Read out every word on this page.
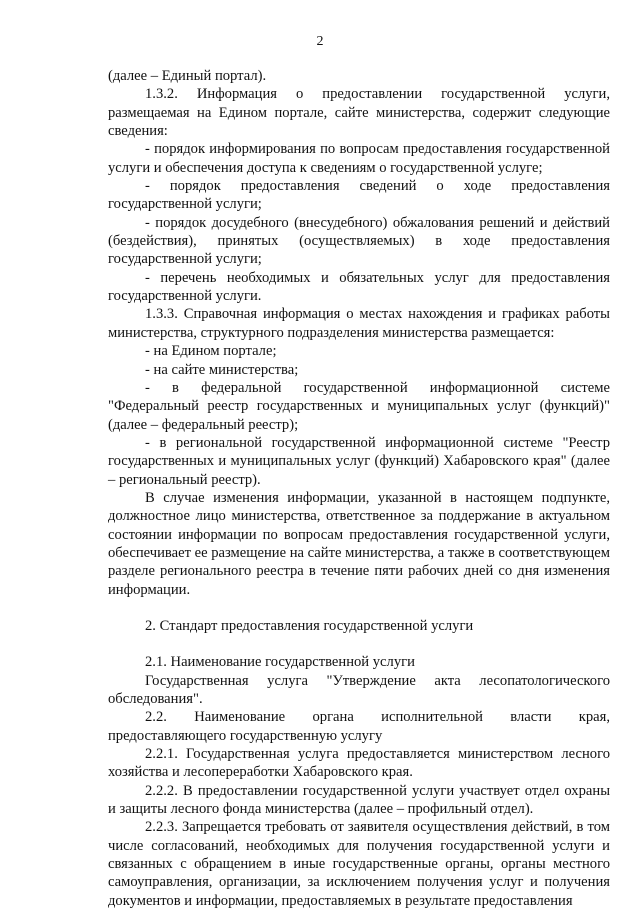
2

(далее – Единый портал).

1.3.2. Информация о предоставлении государственной услуги, размещаемая на Едином портале, сайте министерства, содержит следующие сведения:

- порядок информирования по вопросам предоставления государственной услуги и обеспечения доступа к сведениям о государственной услуге;

- порядок предоставления сведений о ходе предоставления государственной услуги;

- порядок досудебного (внесудебного) обжалования решений и действий (бездействия), принятых (осуществляемых) в ходе предоставления государственной услуги;

- перечень необходимых и обязательных услуг для предоставления государственной услуги.

1.3.3. Справочная информация о местах нахождения и графиках работы министерства, структурного подразделения министерства размещается:

- на Едином портале;

- на сайте министерства;

- в федеральной государственной информационной системе "Федеральный реестр государственных и муниципальных услуг (функций)" (далее – федеральный реестр);

- в региональной государственной информационной системе "Реестр государственных и муниципальных услуг (функций) Хабаровского края" (далее – региональный реестр).

В случае изменения информации, указанной в настоящем подпункте, должностное лицо министерства, ответственное за поддержание в актуальном состоянии информации по вопросам предоставления государственной услуги, обеспечивает ее размещение на сайте министерства, а также в соответствующем разделе регионального реестра в течение пяти рабочих дней со дня изменения информации.

2. Стандарт предоставления государственной услуги

2.1. Наименование государственной услуги

Государственная услуга "Утверждение акта лесопатологического обследования".

2.2. Наименование органа исполнительной власти края, предоставляющего государственную услугу

2.2.1. Государственная услуга предоставляется министерством лесного хозяйства и лесопереработки Хабаровского края.

2.2.2. В предоставлении государственной услуги участвует отдел охраны и защиты лесного фонда министерства (далее – профильный отдел).

2.2.3. Запрещается требовать от заявителя осуществления действий, в том числе согласований, необходимых для получения государственной услуги и связанных с обращением в иные государственные органы, органы местного самоуправления, организации, за исключением получения услуг и получения документов и информации, предоставляемых в результате предоставления
